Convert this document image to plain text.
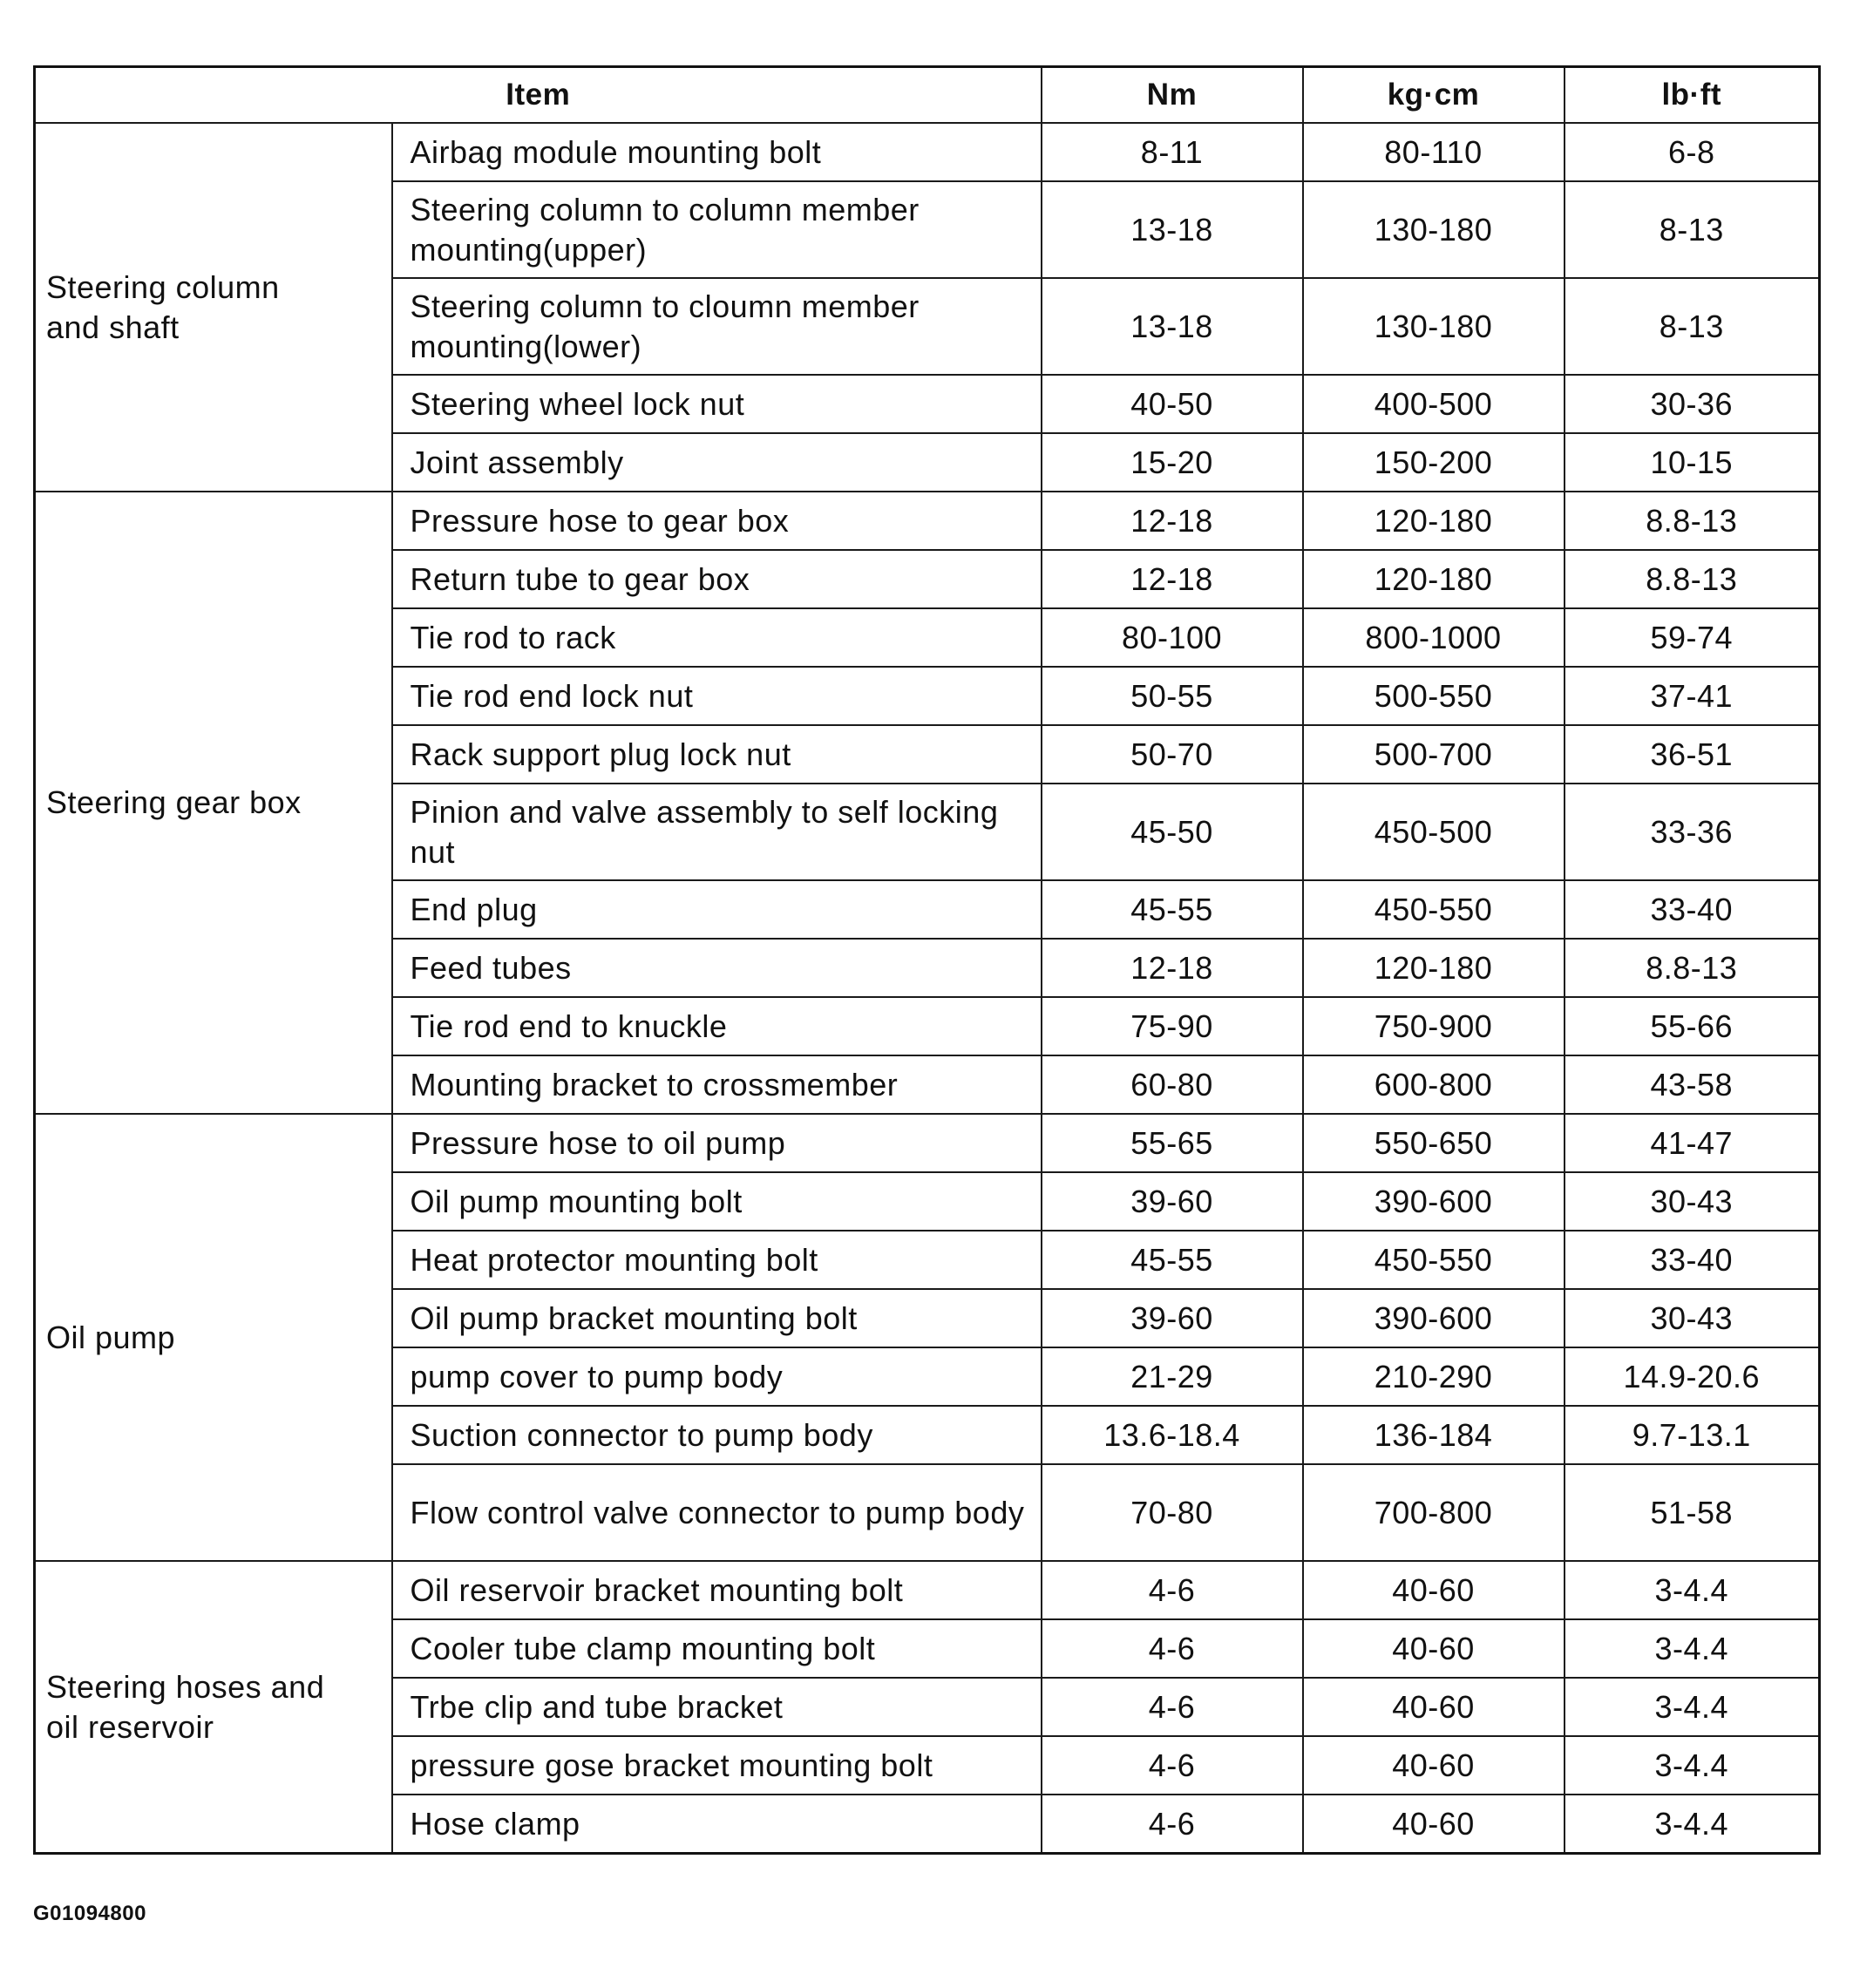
Item		Nm	kg·cm	lb·ft

Steering column
and shaft	Airbag module mounting bolt	8-11	80-110	6-8
	Steering column to column member mounting(upper)	13-18	130-180	8-13
	Steering column to cloumn member mounting(lower)	13-18	130-180	8-13
	Steering wheel lock nut	40-50	400-500	30-36
	Joint assembly	15-20	150-200	10-15

Steering gear box	Pressure hose to gear box	12-18	120-180	8.8-13
	Return tube to gear box	12-18	120-180	8.8-13
	Tie rod to rack	80-100	800-1000	59-74
	Tie rod end lock nut	50-55	500-550	37-41
	Rack support plug lock nut	50-70	500-700	36-51
	Pinion and valve assembly to self locking nut	45-50	450-500	33-36
	End plug	45-55	450-550	33-40
	Feed tubes	12-18	120-180	8.8-13
	Tie rod end to knuckle	75-90	750-900	55-66
	Mounting bracket to crossmember	60-80	600-800	43-58

Oil pump	Pressure hose to oil pump	55-65	550-650	41-47
	Oil pump mounting bolt	39-60	390-600	30-43
	Heat protector mounting bolt	45-55	450-550	33-40
	Oil pump bracket mounting bolt	39-60	390-600	30-43
	pump cover to pump body	21-29	210-290	14.9-20.6
	Suction connector to pump body	13.6-18.4	136-184	9.7-13.1
	Flow control valve connector to pump body	70-80	700-800	51-58

Steering hoses and
oil reservoir	Oil reservoir bracket mounting bolt	4-6	40-60	3-4.4
	Cooler tube clamp mounting bolt	4-6	40-60	3-4.4
	Trbe clip and tube bracket	4-6	40-60	3-4.4
	pressure gose bracket mounting bolt	4-6	40-60	3-4.4
	Hose clamp	4-6	40-60	3-4.4
G01094800
